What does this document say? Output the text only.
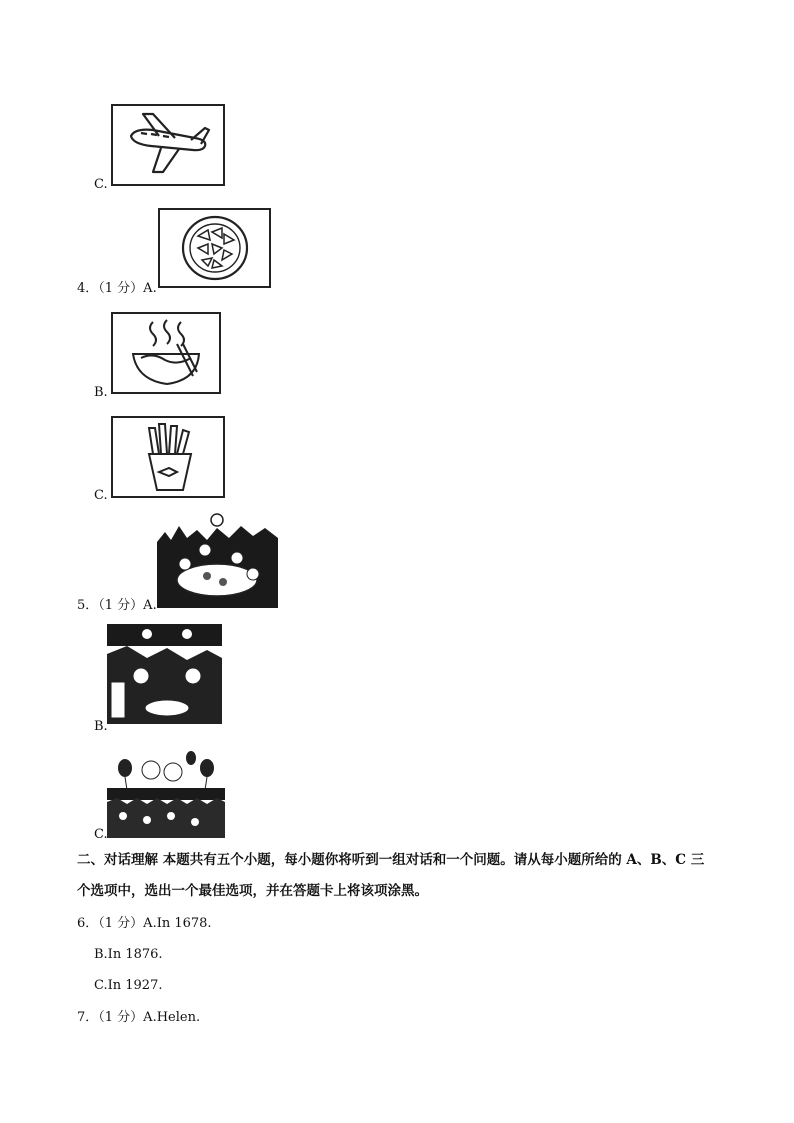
C.
4．（1 分）A.
B.
C.
5．（1 分）A.
B.
C.
二、对话理解 本题共有五个小题，每小题你将听到一组对话和一个问题。请从每小题所给的 A、B、C 三
个选项中，选出一个最佳选项，并在答题卡上将该项涂黑。
6．（1 分）A.In 1678.
B.In 1876.
C.In 1927.
7．（1 分）A.Helen.
